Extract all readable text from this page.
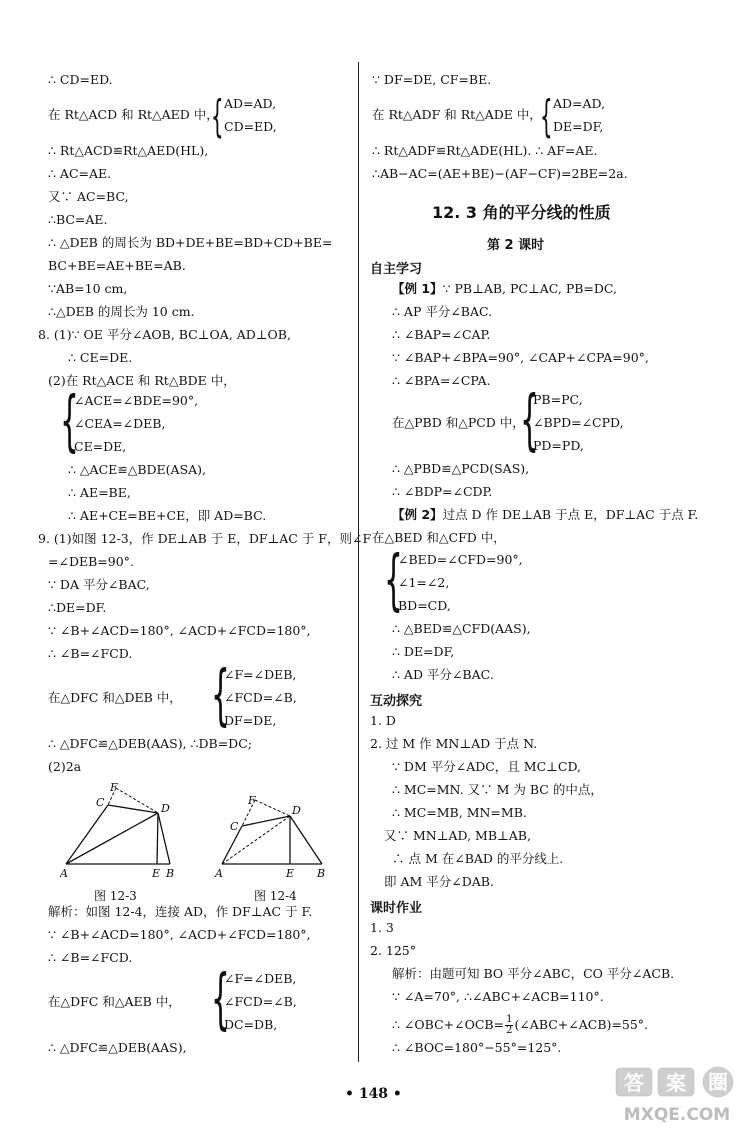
∴ CD=ED.
在 Rt△ACD 和 Rt△AED 中，
{ AD=AD,
CD=ED,
∴ Rt△ACD≌Rt△AED(HL),
∴ AC=AE.
又∵ AC=BC,
∴BC=AE.
∴ △DEB 的周长为 BD+DE+BE=BD+CD+BE=
BC+BE=AE+BE=AB.
∵AB=10 cm,
∴△DEB 的周长为 10 cm.
8. (1)∵ OE 平分∠AOB, BC⊥OA, AD⊥OB,
∴ CE=DE.
(2)在 Rt△ACE 和 Rt△BDE 中，
{
∠ACE=∠BDE=90°,
∠CEA=∠DEB,
CE=DE,
∴ △ACE≌△BDE(ASA),
∴ AE=BE,
∴ AE+CE=BE+CE，即 AD=BC.
9. (1)如图 12-3，作 DE⊥AB 于 E，DF⊥AC 于 F，则∠F
=∠DEB=90°.
∵ DA 平分∠BAC,
∴DE=DF.
∵ ∠B+∠ACD=180°, ∠ACD+∠FCD=180°,
∴ ∠B=∠FCD.
{
∠F=∠DEB,
在△DFC 和△DEB 中，	∠FCD=∠B,
DF=DE,
∴ △DFC≌△DEB(AAS), ∴DB=DC;
(2)2a
F
C	D
A	E B
图 12-3
F
C
D
A	E B
图 12-4
解析：如图 12-4，连接 AD，作 DF⊥AC 于 F.
∵ ∠B+∠ACD=180°, ∠ACD+∠FCD=180°,
∴ ∠B=∠FCD.
{
∠F=∠DEB,
在△DFC 和△AEB 中，	∠FCD=∠B,
DC=DB,
∴ △DFC≌△DEB(AAS),
∵ DF=DE, CF=BE.
在 Rt△ADF 和 Rt△ADE 中，
{ AD=AD,
DE=DF,
∴ Rt△ADF≌Rt△ADE(HL). ∴ AF=AE.
∴AB−AC=(AE+BE)−(AF−CF)=2BE=2a.
12. 3 角的平分线的性质
第 2 课时
自主学习
【例 1】∵ PB⊥AB, PC⊥AC, PB=DC,
∴ AP 平分∠BAC.
∴ ∠BAP=∠CAP.
∵ ∠BAP+∠BPA=90°, ∠CAP+∠CPA=90°,
∴ ∠BPA=∠CPA.
{
PB=PC,
在△PBD 和△PCD 中， ∠BPD=∠CPD,
PD=PD,
∴ △PBD≌△PCD(SAS),
∴ ∠BDP=∠CDP.
【例 2】过点 D 作 DE⊥AB 于点 E，DF⊥AC 于点 F.
在△BED 和△CFD 中，
{
∠BED=∠CFD=90°,
∠1=∠2,
BD=CD,
∴ △BED≌△CFD(AAS),
∴ DE=DF,
∴ AD 平分∠BAC.
互动探究
1. D
2. 过 M 作 MN⊥AD 于点 N.
∵ DM 平分∠ADC，且 MC⊥CD,
∴ MC=MN. 又∵ M 为 BC 的中点，
∴ MC=MB, MN=MB.
又∵ MN⊥AD, MB⊥AB,
∴ 点 M 在∠BAD 的平分线上.
即 AM 平分∠DAB.
课时作业
1. 3
2. 125°
解析：由题可知 BO 平分∠ABC，CO 平分∠ACB.
∵ ∠A=70°, ∴∠ABC+∠ACB=110°.
∴ ∠OBC+∠OCB= $\frac{1}{2}$ (∠ABC+∠ACB)=55°.
∴ ∠BOC=180°−55°=125°.
• 148 •	答 案 圈
MXQE.COM
